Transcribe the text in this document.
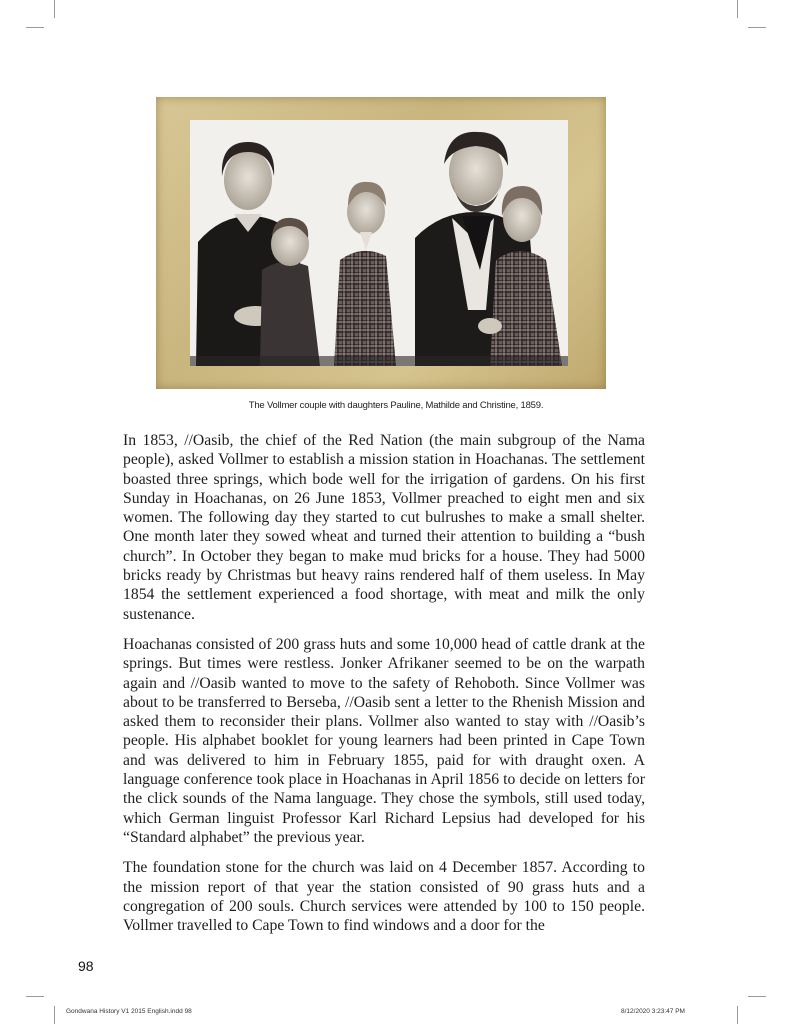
The Vollmer couple with daughters Pauline, Mathilde and Christine, 1859.

In 1853, //Oasib, the chief of the Red Nation (the main subgroup of the Nama people), asked Vollmer to establish a mission station in Hoachanas. The settlement boasted three springs, which bode well for the irrigation of gardens. On his first Sunday in Hoachanas, on 26 June 1853, Vollmer preached to eight men and six women. The following day they started to cut bulrushes to make a small shelter. One month later they sowed wheat and turned their attention to building a “bush church”. In October they began to make mud bricks for a house. They had 5000 bricks ready by Christmas but heavy rains rendered half of them useless. In May 1854 the settlement experienced a food shortage, with meat and milk the only sustenance.

Hoachanas consisted of 200 grass huts and some 10,000 head of cattle drank at the springs. But times were restless. Jonker Afrikaner seemed to be on the warpath again and //Oasib wanted to move to the safety of Rehoboth. Since Vollmer was about to be transferred to Berseba, //Oasib sent a letter to the Rhenish Mission and asked them to reconsider their plans. Vollmer also wanted to stay with //Oasib’s people. His alphabet booklet for young learners had been printed in Cape Town and was delivered to him in February 1855, paid for with draught oxen. A language conference took place in Hoachanas in April 1856 to decide on letters for the click sounds of the Nama language. They chose the symbols, still used today, which German linguist Professor Karl Richard Lepsius had developed for his “Standard alphabet” the previous year.

The foundation stone for the church was laid on 4 December 1857. According to the mission report of that year the station consisted of 90 grass huts and a congregation of 200 souls. Church services were attended by 100 to 150 people. Vollmer travelled to Cape Town to find windows and a door for the

98
Gondwana History V1 2015 English.indd 98	8/12/2020 3:23:47 PM
